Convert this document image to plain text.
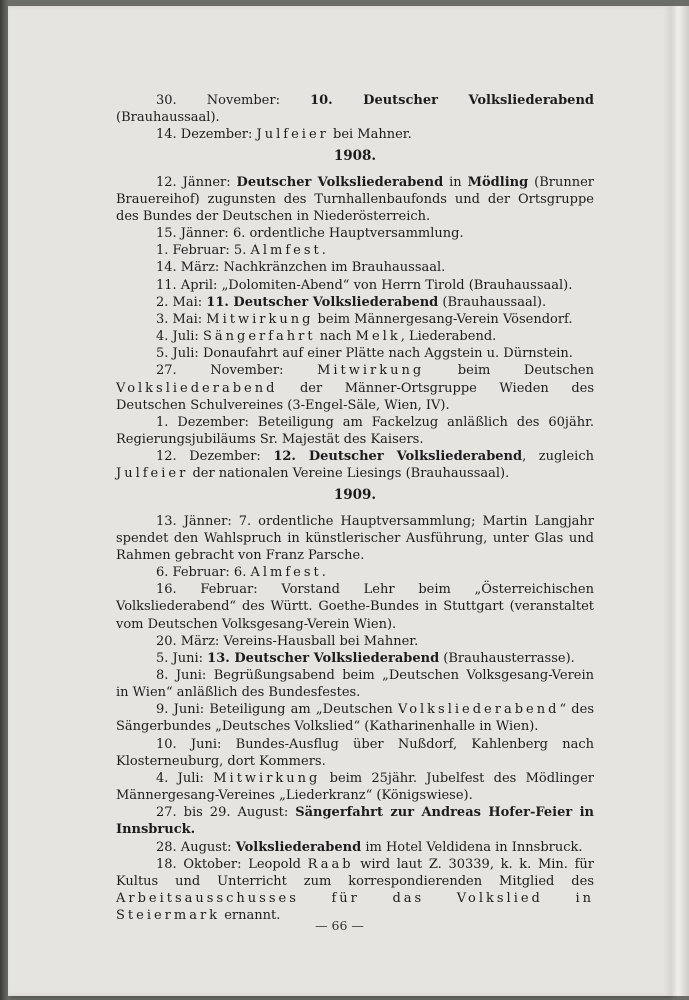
30. November: 10. Deutscher Volksliederabend (Brauhaussaal).

14. Dezember: Julfeier bei Mahner.

1908.

12. Jänner: Deutscher Volksliederabend in Mödling (Brunner Brauereihof) zugunsten des Turnhallenbaufonds und der Ortsgruppe des Bundes der Deutschen in Niederösterreich.

15. Jänner: 6. ordentliche Hauptversammlung.

1. Februar: 5. Almfest.

14. März: Nachkränzchen im Brauhaussaal.

11. April: „Dolomiten-Abend“ von Herrn Tirold (Brauhaussaal).

2. Mai: 11. Deutscher Volksliederabend (Brauhaussaal).

3. Mai: Mitwirkung beim Männergesang-Verein Vösendorf.

4. Juli: Sängerfahrt nach Melk, Liederabend.

5. Juli: Donaufahrt auf einer Plätte nach Aggstein u. Dürnstein.

27. November:	Mitwirkung beim Deutschen Volksliederabend der Männer-Ortsgruppe Wieden des Deutschen Schulvereines (3-Engel-Säle, Wien, IV).

1. Dezember: Beteiligung am Fackelzug anläßlich des 60jähr. Regierungsjubiläums Sr. Majestät des Kaisers.

12. Dezember: 12. Deutscher Volksliederabend, zugleich Julfeier der nationalen Vereine Liesings (Brauhaussaal).

1909.

13. Jänner: 7. ordentliche Hauptversammlung; Martin Langjahr spendet den Wahlspruch in künstlerischer Ausführung, unter Glas und Rahmen gebracht von Franz Parsche.

6. Februar: 6. Almfest.

16. Februar: Vorstand Lehr beim „Österreichischen Volksliederabend“ des Württ. Goethe-Bundes in Stuttgart (veranstaltet vom Deutschen Volksgesang-Verein Wien).

20. März: Vereins-Hausball bei Mahner.

5. Juni: 13. Deutscher Volksliederabend (Brauhausterrasse).

8. Juni: Begrüßungsabend beim „Deutschen Volksgesang-Verein in Wien“ anläßlich des Bundesfestes.

9. Juni: Beteiligung am „Deutschen Volksliederabend“ des Sängerbundes „Deutsches Volkslied“ (Katharinenhalle in Wien).

10. Juni: Bundes-Ausflug über Nußdorf, Kahlenberg nach Klosterneuburg, dort Kommers.

4. Juli: Mitwirkung beim 25jähr. Jubelfest des Mödlinger Männergesang-Vereines „Liederkranz“ (Königswiese).

27. bis 29. August: Sängerfahrt zur Andreas Hofer-Feier in Innsbruck.

28. August: Volksliederabend im Hotel Veldidena in Innsbruck.

18. Oktober: Leopold Raab wird laut Z. 30339, k. k. Min. für Kultus und Unterricht zum korrespondierenden Mitglied des Arbeitsausschusses für das Volkslied in Steiermark ernannt.

— 66 —
